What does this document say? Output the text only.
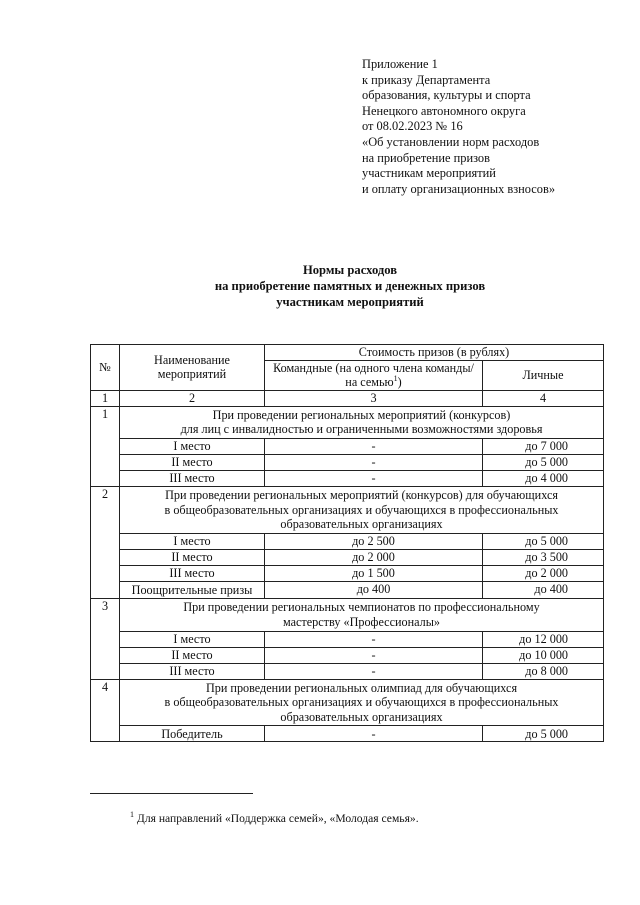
Приложение 1
к приказу Департамента
образования, культуры и спорта
Ненецкого автономного округа
от 08.02.2023 № 16
«Об установлении норм расходов
на приобретение призов
участникам мероприятий
и оплату организационных взносов»
Нормы расходов
на приобретение памятных и денежных призов
участникам мероприятий
№	Наименование мероприятий	Стоимость призов (в рублях)	
		Командные (на одного члена команды/ на семью$^1$)	Личные
1	2	3	4
1	При проведении региональных мероприятий (конкурсов)
для лиц с инвалидностью и ограниченными возможностями здоровья		

	I место	-	до 7 000
	II место	-	до 5 000
	III место	-	до 4 000
2	При проведении региональных мероприятий (конкурсов) для обучающихся
в общеобразовательных организациях и обучающихся в профессиональных
образовательных организациях		

	I место	до 2 500	до 5 000
	II место	до 2 000	до 3 500
	III место	до 1 500	до 2 000
	Поощрительные призы	до 400	до 400
3	При проведении региональных чемпионатов по профессиональному
мастерству «Профессионалы»		

	I место	-	до 12 000
	II место	-	до 10 000
	III место	-	до 8 000
4	При проведении региональных олимпиад для обучающихся
в общеобразовательных организациях и обучающихся в профессиональных
образовательных организациях		

	Победитель	-	до 5 000
$^1$ Для направлений «Поддержка семей», «Молодая семья».
